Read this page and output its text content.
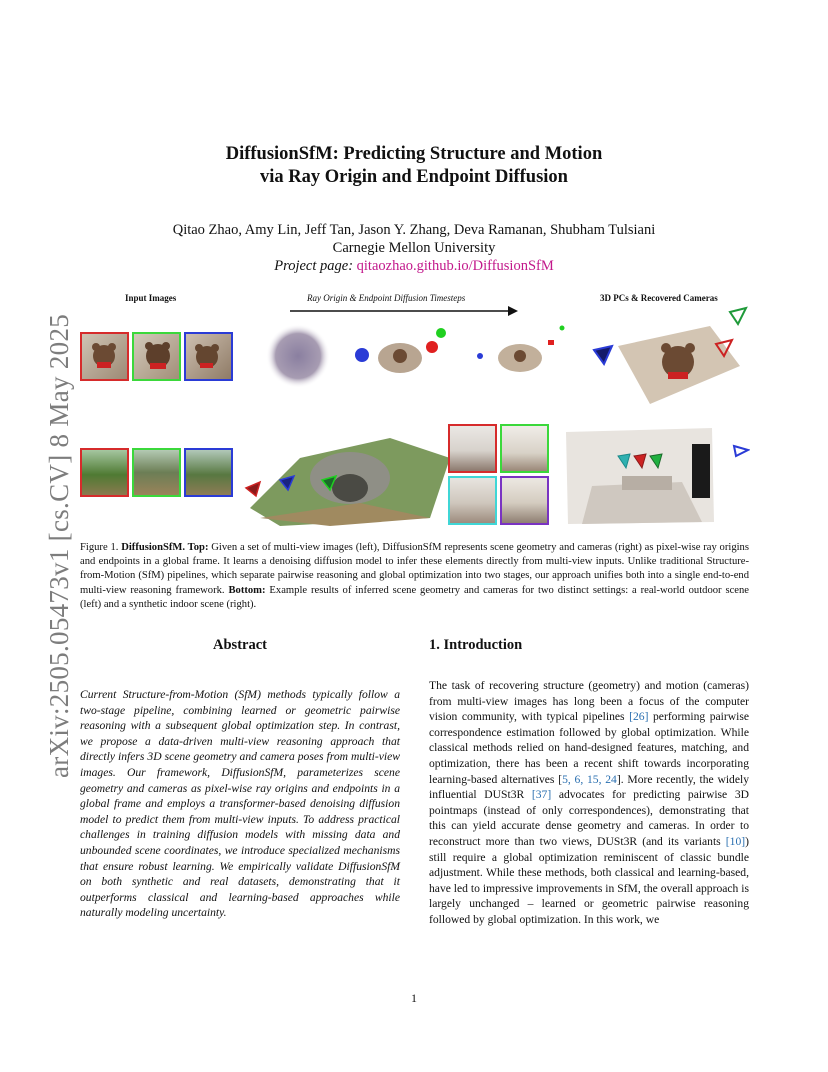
arXiv:2505.05473v1 [cs.CV] 8 May 2025
DiffusionSfM: Predicting Structure and Motion
via Ray Origin and Endpoint Diffusion
Qitao Zhao, Amy Lin, Jeff Tan, Jason Y. Zhang, Deva Ramanan, Shubham Tulsiani
Carnegie Mellon University
Project page: qitaozhao.github.io/DiffusionSfM
Input Images	Ray Origin & Endpoint Diffusion Timesteps	3D PCs & Recovered Cameras
Figure 1. DiffusionSfM. Top: Given a set of multi-view images (left), DiffusionSfM represents scene geometry and cameras (right) as pixel-wise ray origins and endpoints in a global frame. It learns a denoising diffusion model to infer these elements directly from multi-view inputs. Unlike traditional Structure-from-Motion (SfM) pipelines, which separate pairwise reasoning and global optimization into two stages, our approach unifies both into a single end-to-end multi-view reasoning framework. Bottom: Example results of inferred scene geometry and cameras for two distinct settings: a real-world outdoor scene (left) and a synthetic indoor scene (right).
Abstract
Current Structure-from-Motion (SfM) methods typically follow a two-stage pipeline, combining learned or geometric pairwise reasoning with a subsequent global optimization step. In contrast, we propose a data-driven multi-view reasoning approach that directly infers 3D scene geometry and camera poses from multi-view images. Our framework, DiffusionSfM, parameterizes scene geometry and cameras as pixel-wise ray origins and endpoints in a global frame and employs a transformer-based denoising diffusion model to predict them from multi-view inputs. To address practical challenges in training diffusion models with missing data and unbounded scene coordinates, we introduce specialized mechanisms that ensure robust learning. We empirically validate DiffusionSfM on both synthetic and real datasets, demonstrating that it outperforms classical and learning-based approaches while naturally modeling uncertainty.
1. Introduction
The task of recovering structure (geometry) and motion (cameras) from multi-view images has long been a focus of the computer vision community, with typical pipelines [26] performing pairwise correspondence estimation followed by global optimization. While classical methods relied on hand-designed features, matching, and optimization, there has been a recent shift towards incorporating learning-based alternatives [5, 6, 15, 24]. More recently, the widely influential DUSt3R [37] advocates for predicting pairwise 3D pointmaps (instead of only correspondences), demonstrating that this can yield accurate dense geometry and cameras. In order to reconstruct more than two views, DUSt3R (and its variants [10]) still require a global optimization reminiscent of classic bundle adjustment. While these methods, both classical and learning-based, have led to impressive improvements in SfM, the overall approach is largely unchanged – learned or geometric pairwise reasoning followed by global optimization. In this work, we
1
